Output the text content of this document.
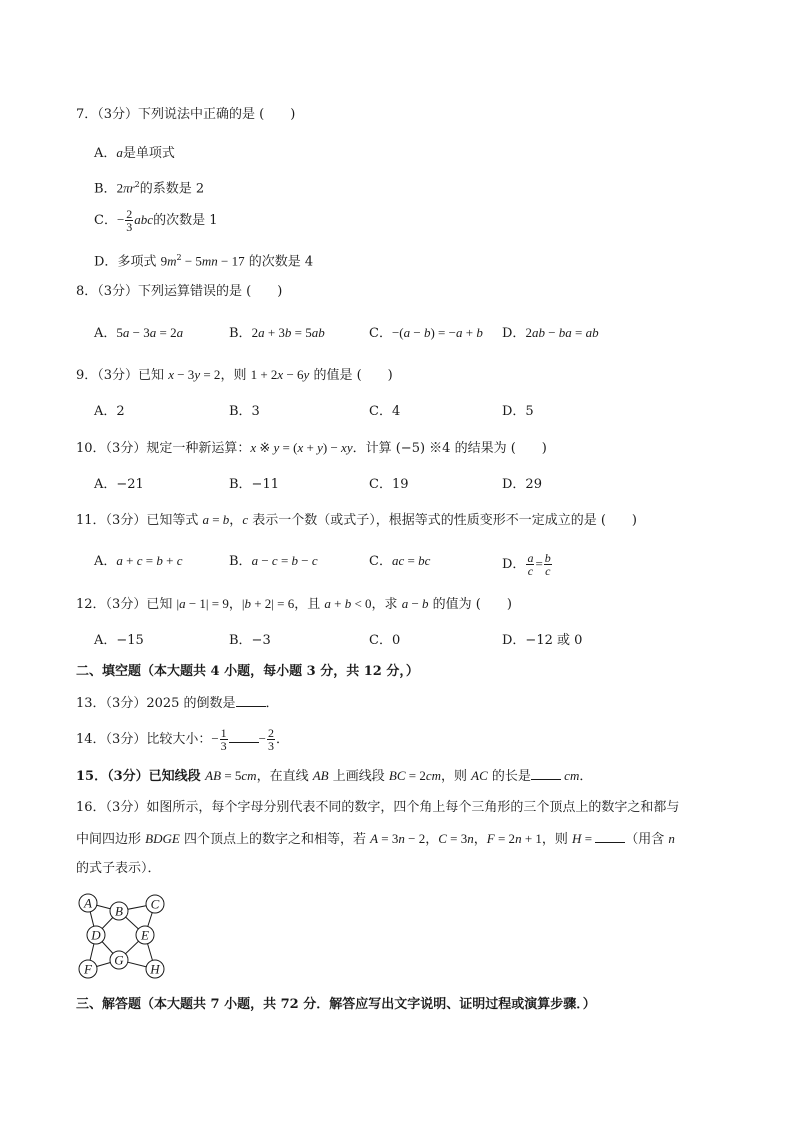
7．（3分）下列说法中正确的是 (　　)
A．a是单项式
B．$2\pi r^2$的系数是 2
C．− $\frac{2}{3}$ abc的次数是 1
D．多项式 $9m^2 - 5mn - 17$ 的次数是 4
8．（3分）下列运算错误的是 (　　)
A．5a − 3a = 2a	B．2a + 3b = 5ab	C．−(a − b) = −a + b D．2ab − ba = ab
9．（3分）已知 x − 3y = 2，则 1 + 2x − 6y 的值是 (　　)
A．2	B．3	C．4	D．5
10．（3分）规定一种新运算：x ※ y = (x + y) − xy．计算 (−5) ※4 的结果为 (　　)
A．−21	B．−11	C．19	D．29
11．（3分）已知等式 a = b，c 表示一个数（或式子），根据等式的性质变形不一定成立的是 (　　)
A．a + c = b + c	B．a − c = b − c	C．ac = bc	D． $\frac{a}{c} = \frac{b}{c}$
12．（3分）已知 |a − 1| = 9，|b + 2| = 6，且 a + b < 0，求 a − b 的值为 (　　)
A．−15	B．−3	C．0	D．−12 或 0
二、填空题（本大题共 4 小题，每小题 3 分，共 12 分，）
13．（3分）2025 的倒数是 ．
14．（3分）比较大小：− $\frac{1}{3} - \frac{2}{3}$ ．
15．（3分）已知线段 AB = 5cm，在直线 AB 上画线段 BC = 2cm，则 AC 的长是 cm．
16．（3分）如图所示，每个字母分别代表不同的数字，四个角上每个三角形的三个顶点上的数字之和都与
中间四边形 BDGE 四个顶点上的数字之和相等，若 A = 3n − 2，C = 3n，F = 2n + 1，则 H = （用含 n
的式子表示）．
A
B C
D	E
G
F	H
三、解答题（本大题共 7 小题，共 72 分．解答应写出文字说明、证明过程或演算步骤．）
